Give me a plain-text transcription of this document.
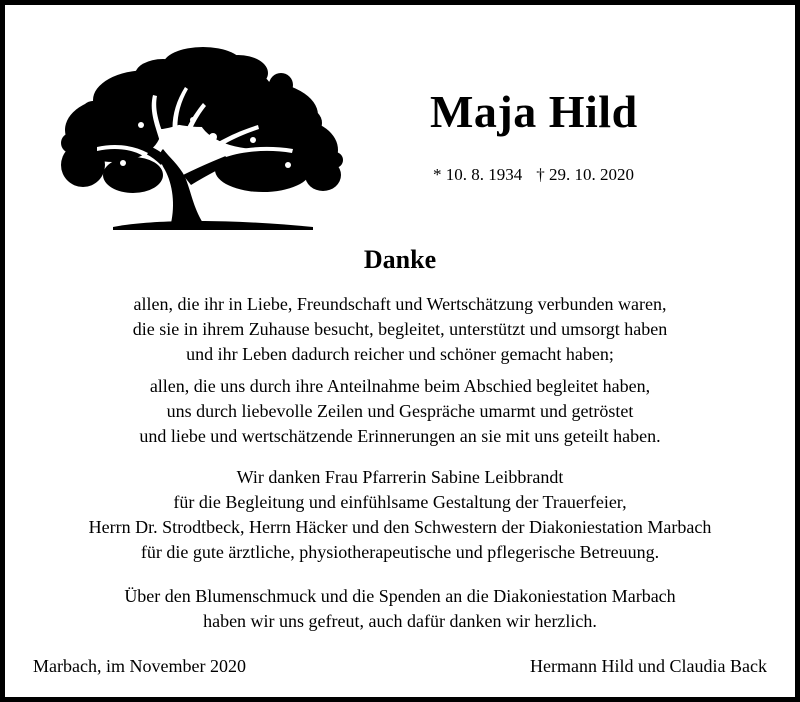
Maja Hild
* 10. 8. 1934 † 29. 10. 2020
Danke
allen, die ihr in Liebe, Freundschaft und Wertschätzung verbunden waren,
die sie in ihrem Zuhause besucht, begleitet, unterstützt und umsorgt haben
und ihr Leben dadurch reicher und schöner gemacht haben;
allen, die uns durch ihre Anteilnahme beim Abschied begleitet haben,
uns durch liebevolle Zeilen und Gespräche umarmt und getröstet
und liebe und wertschätzende Erinnerungen an sie mit uns geteilt haben.
Wir danken Frau Pfarrerin Sabine Leibbrandt
für die Begleitung und einfühlsame Gestaltung der Trauerfeier,
Herrn Dr. Strodtbeck, Herrn Häcker und den Schwestern der Diakoniestation Marbach
für die gute ärztliche, physiotherapeutische und pflegerische Betreuung.
Über den Blumenschmuck und die Spenden an die Diakoniestation Marbach
haben wir uns gefreut, auch dafür danken wir herzlich.
Marbach, im November 2020	Hermann Hild und Claudia Back
